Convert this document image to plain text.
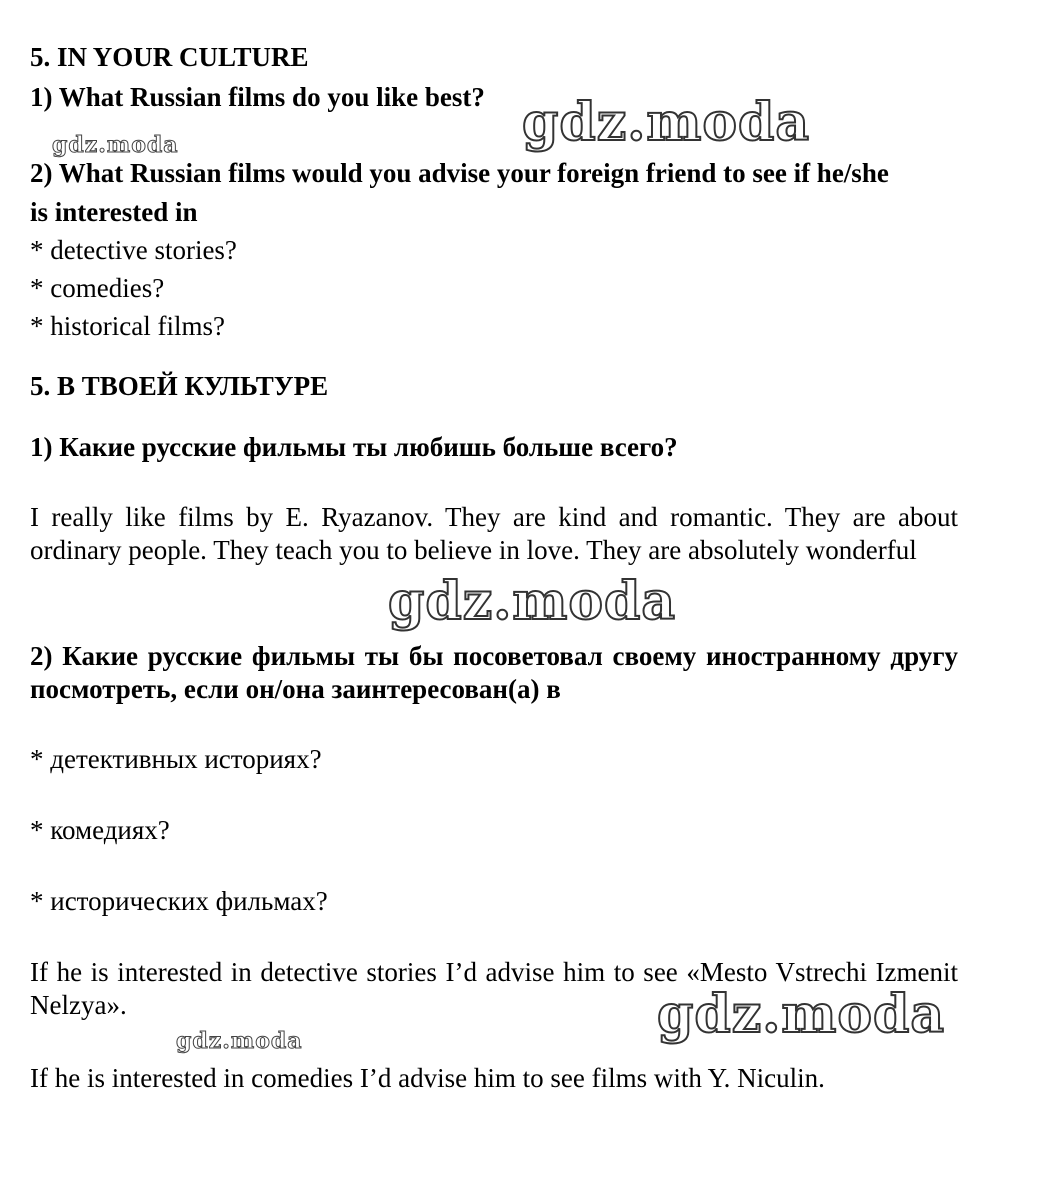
5. IN YOUR CULTURE
1) What Russian films do you like best?
2) What Russian films would you advise your foreign friend to see if he/she
is interested in
* detective stories?
* comedies?
* historical films?
5. В ТВОЕЙ КУЛЬТУРЕ
1) Какие русские фильмы ты любишь больше всего?
I really like films by E. Ryazanov. They are kind and romantic. They are about ordinary people. They teach you to believe in love. They are absolutely wonderful
2) Какие русские фильмы ты бы посоветовал своему иностранному другу посмотреть, если он/она заинтересован(а) в
* детективных историях?
* комедиях?
* исторических фильмах?
If he is interested in detective stories I’d advise him to see «Mesto Vstrechi Izmenit Nelzya».
If he is interested in comedies I’d advise him to see films with Y. Niculin.
gdz.moda
gdz.moda
gdz.moda
gdz.moda
gdz.moda
